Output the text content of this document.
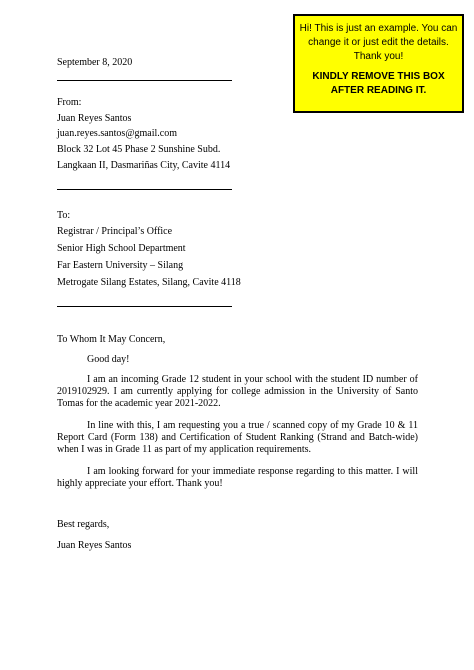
Hi! This is just an example. You can change it or just edit the details. Thank you!
KINDLY REMOVE THIS BOX AFTER READING IT.
September 8, 2020
From:
Juan Reyes Santos
juan.reyes.santos@gmail.com
Block 32 Lot 45 Phase 2 Sunshine Subd.
Langkaan II, Dasmariñas City, Cavite 4114
To:
Registrar / Principal’s Office
Senior High School Department
Far Eastern University – Silang
Metrogate Silang Estates, Silang, Cavite 4118
To Whom It May Concern,
Good day!
I am an incoming Grade 12 student in your school with the student ID number of 2019102929. I am currently applying for college admission in the University of Santo Tomas for the academic year 2021-2022.
In line with this, I am requesting you a true / scanned copy of my Grade 10 & 11 Report Card (Form 138) and Certification of Student Ranking (Strand and Batch-wide) when I was in Grade 11 as part of my application requirements.
I am looking forward for your immediate response regarding to this matter. I will highly appreciate your effort. Thank you!
Best regards,
Juan Reyes Santos
